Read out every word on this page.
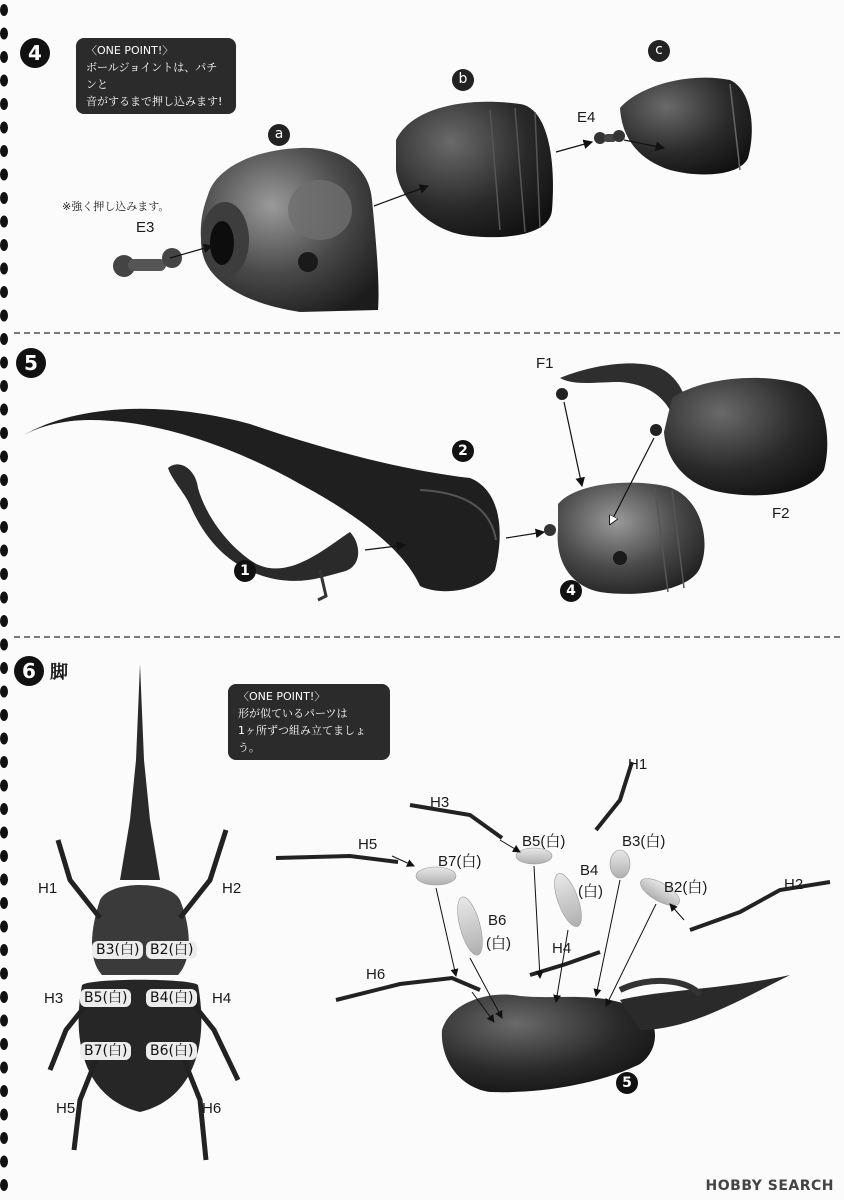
4	〈ONE POINT!〉
ボールジョイントは、パチンと
音がするまで押し込みます!
※強く押し込みます。
a
b
c
E3
E4
5	F1
F2
1
2
4
6 脚
〈ONE POINT!〉
形が似ているパーツは
1ヶ所ずつ組み立てましょう。
H1	H2
B3(白) B2(白)
H3 B5(白) B4(白) H4
B7(白) B6(白)
H5	H6
H1
H3
B5(白)	B3(白)
H5
B7(白)
B4
(白)	B2(白)	H2
B6
(白)	H4
H6
5
HOBBY SEARCH
